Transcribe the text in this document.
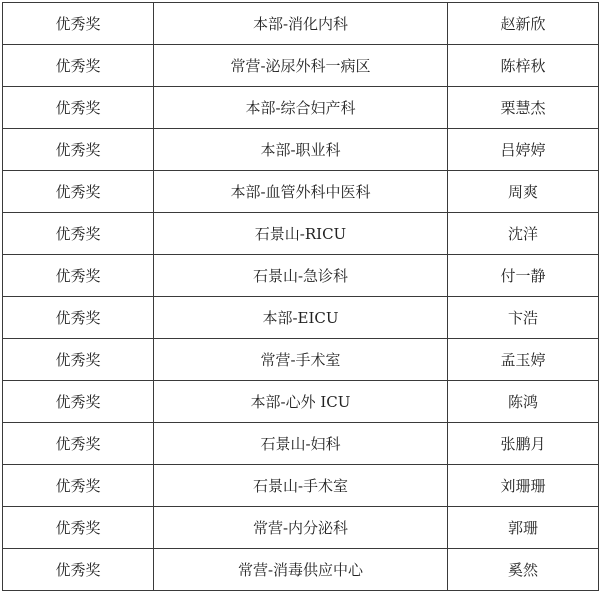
优秀奖	本部-消化内科	赵新欣
优秀奖	常营-泌尿外科一病区	陈梓秋
优秀奖	本部-综合妇产科	栗慧杰
优秀奖	本部-职业科	吕婷婷
优秀奖	本部-血管外科中医科	周爽
优秀奖	石景山-RICU	沈洋
优秀奖	石景山-急诊科	付一静
优秀奖	本部-EICU	卞浩
优秀奖	常营-手术室	孟玉婷
优秀奖	本部-心外 ICU	陈鸿
优秀奖	石景山-妇科	张鹏月
优秀奖	石景山-手术室	刘珊珊
优秀奖	常营-内分泌科	郭珊
优秀奖	常营-消毒供应中心	奚然
